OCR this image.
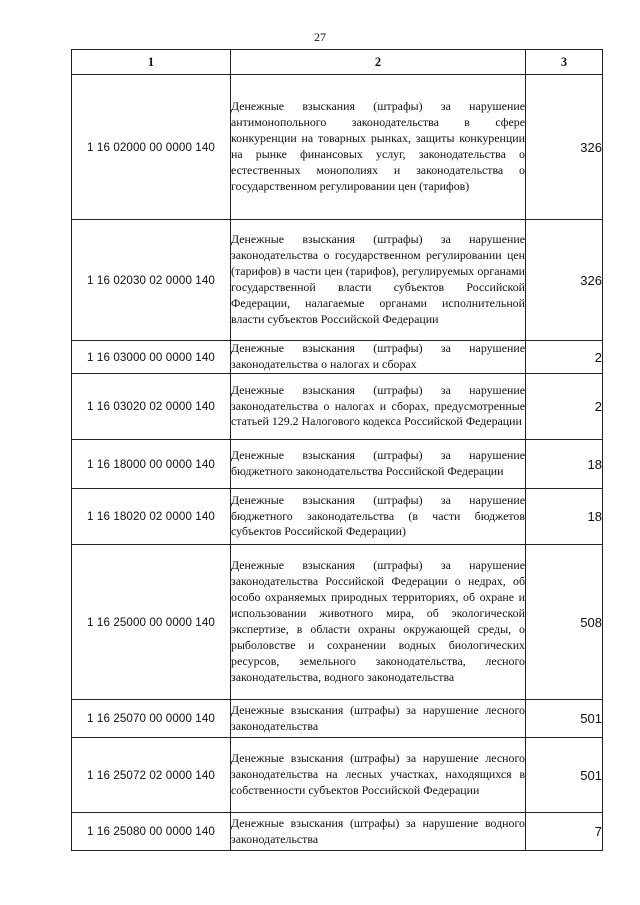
27
1	2	3
1 16 02000 00 0000 140	Денежные взыскания (штрафы) за нарушение антимонопольного законодательства в сфере конкуренции на товарных рынках, защиты конкуренции на рынке финансовых услуг, законодательства о естественных монополиях и законодательства о государственном регулировании цен (тарифов)	326
1 16 02030 02 0000 140	Денежные взыскания (штрафы) за нарушение законодательства о государственном регулировании цен (тарифов) в части цен (тарифов), регулируемых органами государственной власти субъектов Российской Федерации, налагаемые органами исполнительной власти субъектов Российской Федерации	326
1 16 03000 00 0000 140	Денежные взыскания (штрафы) за нарушение законодательства о налогах и сборах	2
1 16 03020 02 0000 140	Денежные взыскания (штрафы) за нарушение законодательства о налогах и сборах, предусмотренные статьей 129.2 Налогового кодекса Российской Федерации	2
1 16 18000 00 0000 140	Денежные взыскания (штрафы) за нарушение бюджетного законодательства Российской Федерации	18
1 16 18020 02 0000 140	Денежные взыскания (штрафы) за нарушение бюджетного законодательства (в части бюджетов субъектов Российской Федерации)	18
1 16 25000 00 0000 140	Денежные взыскания (штрафы) за нарушение законодательства Российской Федерации о недрах, об особо охраняемых природных территориях, об охране и использовании животного мира, об экологической экспертизе, в области охраны окружающей среды, о рыболовстве и сохранении водных биологических ресурсов, земельного законодательства, лесного законодательства, водного законодательства	508
1 16 25070 00 0000 140	Денежные взыскания (штрафы) за нарушение лесного законодательства	501
1 16 25072 02 0000 140	Денежные взыскания (штрафы) за нарушение лесного законодательства на лесных участках, находящихся в собственности субъектов Российской Федерации	501
1 16 25080 00 0000 140	Денежные взыскания (штрафы) за нарушение водного законодательства	7
